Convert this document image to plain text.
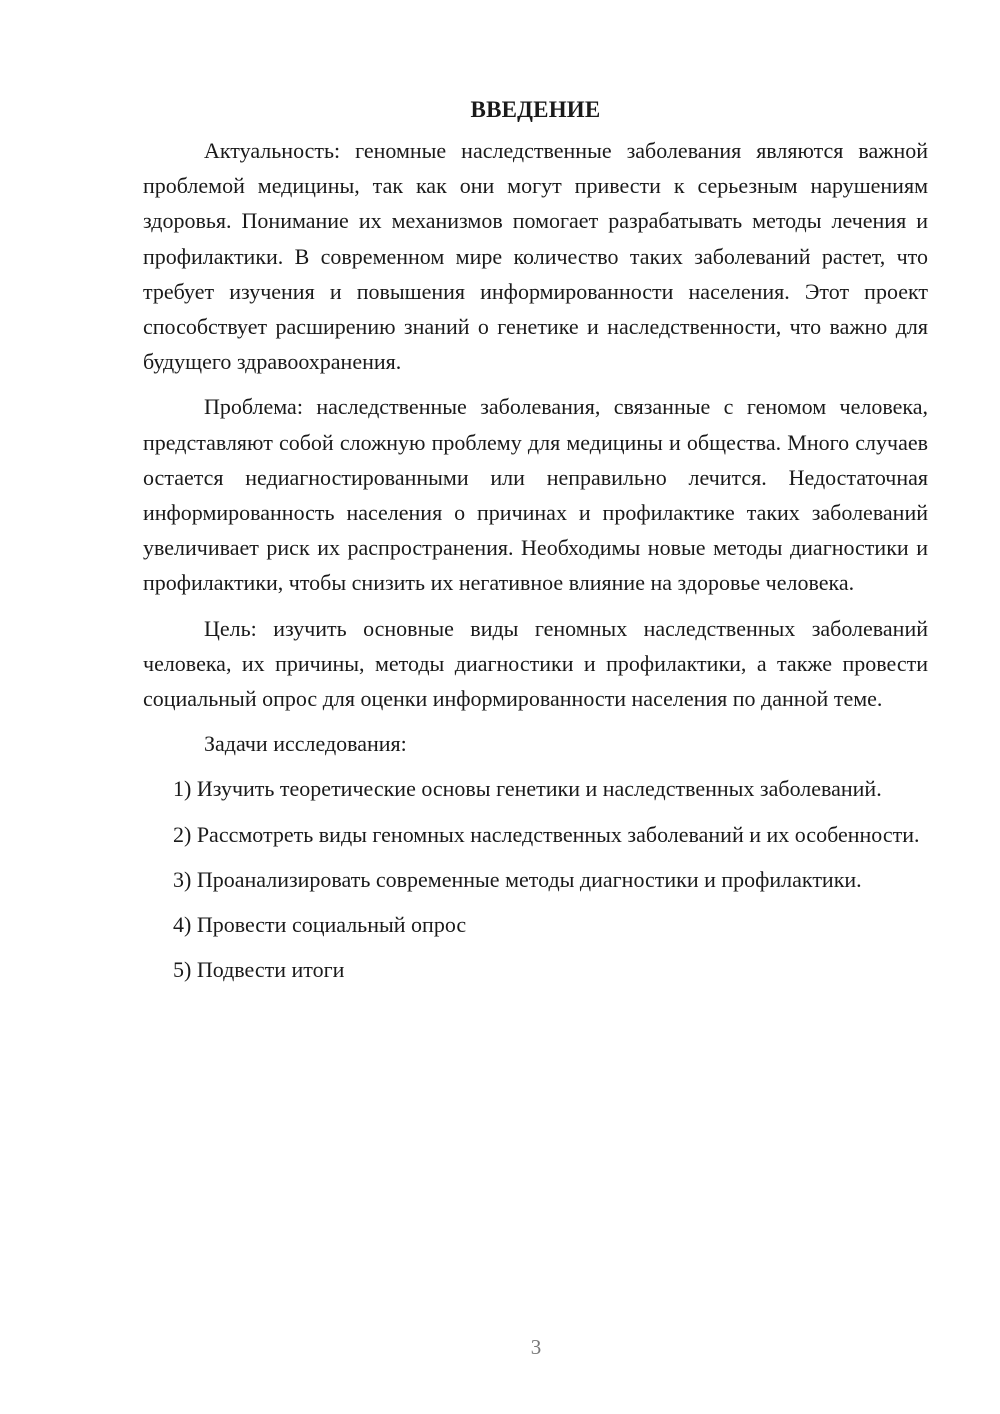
ВВЕДЕНИЕ

Актуальность: геномные наследственные заболевания являются важной проблемой медицины, так как они могут привести к серьезным нарушениям здоровья. Понимание их механизмов помогает разрабатывать методы лечения и профилактики. В современном мире количество таких заболеваний растет, что требует изучения и повышения информированности населения. Этот проект способствует расширению знаний о генетике и наследственности, что важно для будущего здравоохранения.

Проблема: наследственные заболевания, связанные с геномом человека, представляют собой сложную проблему для медицины и общества. Много случаев остается недиагностированными или неправильно лечится. Недостаточная информированность населения о причинах и профилактике таких заболеваний увеличивает риск их распространения. Необходимы новые методы диагностики и профилактики, чтобы снизить их негативное влияние на здоровье человека.

Цель: изучить основные виды геномных наследственных заболеваний человека, их причины, методы диагностики и профилактики, а также провести социальный опрос для оценки информированности населения по данной теме.

Задачи исследования:

1) Изучить теоретические основы генетики и наследственных заболеваний.

2) Рассмотреть виды геномных наследственных заболеваний и их особенности.

3) Проанализировать современные методы диагностики и профилактики.

4) Провести социальный опрос

5) Подвести итоги

3
